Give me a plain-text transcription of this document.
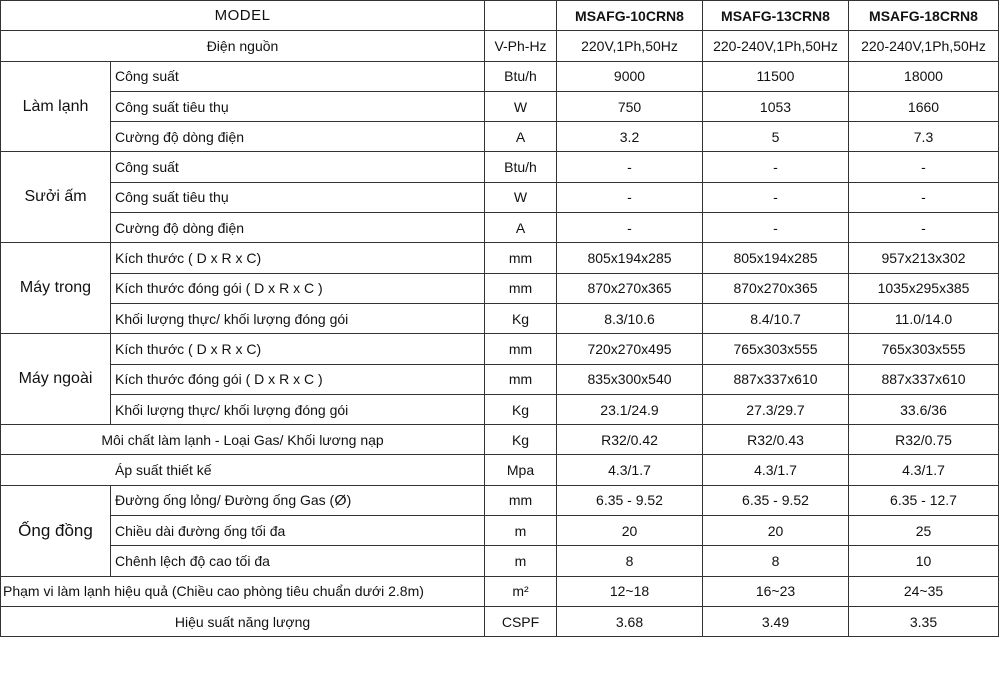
MODEL			MSAFG-10CRN8	MSAFG-13CRN8	MSAFG-18CRN8
Điện nguồn		V-Ph-Hz	220V,1Ph,50Hz	220-240V,1Ph,50Hz	220-240V,1Ph,50Hz
Làm lạnh	Công suất	Btu/h	9000	11500	18000
	Công suất tiêu thụ	W	750	1053	1660
	Cường độ dòng điện	A	3.2	5	7.3
Sưởi ấm	Công suất	Btu/h	-	-	-
	Công suất tiêu thụ	W	-	-	-
	Cường độ dòng điện	A	-	-	-
Máy trong	Kích thước ( D x R x C)	mm	805x194x285	805x194x285	957x213x302
	Kích thước đóng gói ( D x R x C )	mm	870x270x365	870x270x365	1035x295x385
	Khối lượng thực/ khối lượng đóng gói	Kg	8.3/10.6	8.4/10.7	11.0/14.0
Máy ngoài	Kích thước ( D x R x C)	mm	720x270x495	765x303x555	765x303x555
	Kích thước đóng gói ( D x R x C )	mm	835x300x540	887x337x610	887x337x610
	Khối lượng thực/ khối lượng đóng gói	Kg	23.1/24.9	27.3/29.7	33.6/36
Môi chất làm lạnh - Loại Gas/ Khối lương nạp		Kg	R32/0.42	R32/0.43	R32/0.75
	Áp suất thiết kế	Mpa	4.3/1.7	4.3/1.7	4.3/1.7
Ống đồng	Đường ống lỏng/ Đường ống Gas (ⵁ)	mm	6.35 - 9.52	6.35 - 9.52	6.35 - 12.7
	Chiều dài đường ống tối đa	m	20	20	25
	Chênh lệch độ cao tối đa	m	8	8	10
Phạm vi làm lạnh hiệu quả (Chiều cao phòng tiêu chuẩn dưới 2.8m)		m²	12~18	16~23	24~35
Hiệu suất năng lượng		CSPF	3.68	3.49	3.35
